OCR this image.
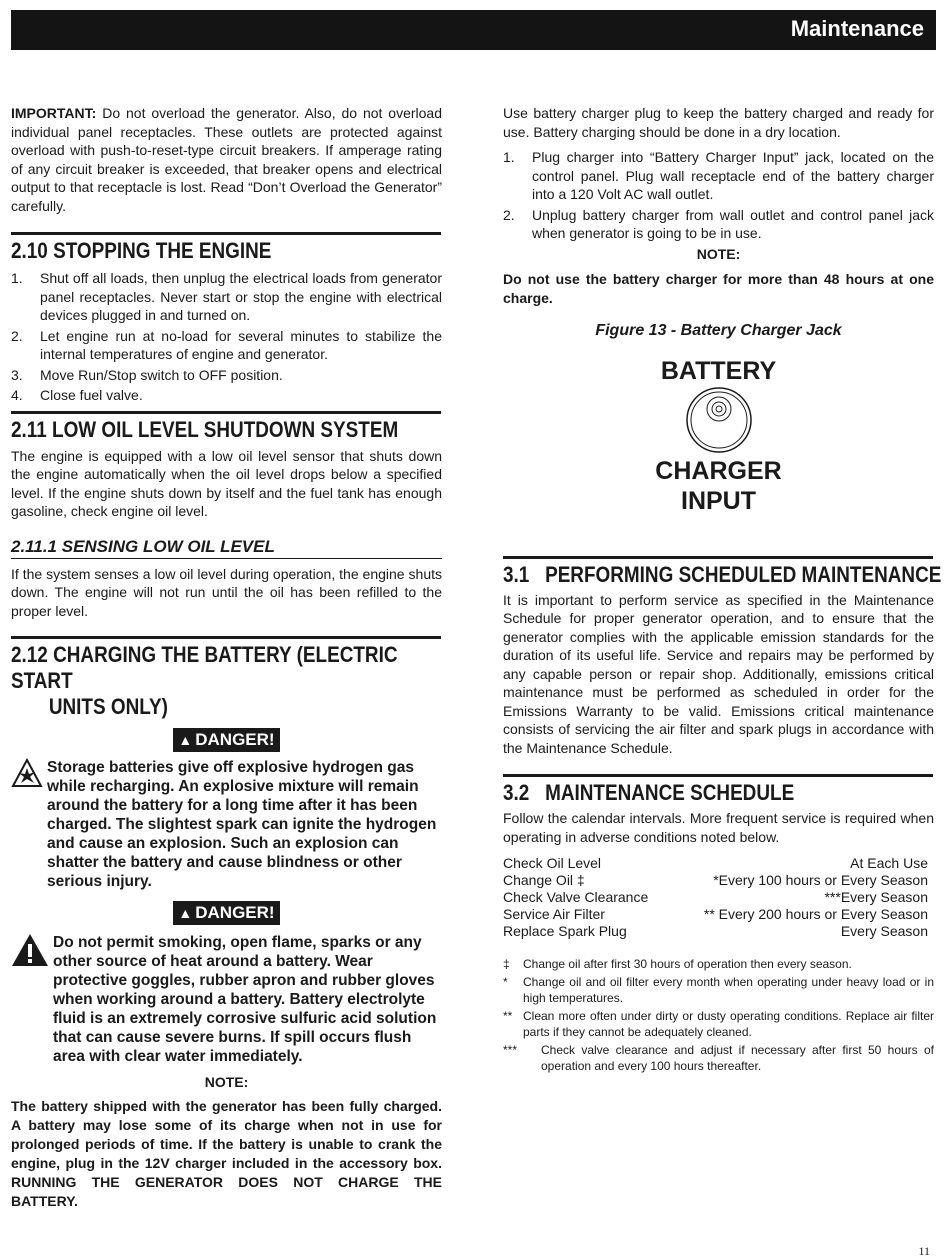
Maintenance

IMPORTANT: Do not overload the generator. Also, do not overload individual panel receptacles. These outlets are protected against overload with push-to-reset-type circuit breakers. If amperage rating of any circuit breaker is exceeded, that breaker opens and electrical output to that receptacle is lost. Read “Don’t Overload the Generator” carefully.

2.10 STOPPING THE ENGINE
1.	Shut off all loads, then unplug the electrical loads from generator panel receptacles. Never start or stop the engine with electrical devices plugged in and turned on.
2.	Let engine run at no-load for several minutes to stabilize the internal temperatures of engine and generator.
3.	Move Run/Stop switch to OFF position.
4.	Close fuel valve.
2.11 LOW OIL LEVEL SHUTDOWN SYSTEM

The engine is equipped with a low oil level sensor that shuts down the engine automatically when the oil level drops below a specified level. If the engine shuts down by itself and the fuel tank has enough gasoline, check engine oil level.

2.11.1 SENSING LOW OIL LEVEL

If the system senses a low oil level during operation, the engine shuts down. The engine will not run until the oil has been refilled to the proper level.

2.12 CHARGING THE BATTERY (ELECTRIC START
UNITS ONLY)
▲ DANGER!
Storage batteries give off explosive hydrogen gas while recharging. An explosive mixture will remain around the battery for a long time after it has been charged. The slightest spark can ignite the hydrogen and cause an explosion. Such an explosion can shatter the battery and cause blindness or other serious injury.
▲ DANGER!
Do not permit smoking, open flame, sparks or any other source of heat around a battery. Wear protective goggles, rubber apron and rubber gloves when working around a battery. Battery electrolyte fluid is an extremely corrosive sulfuric acid solution that can cause severe burns. If spill occurs flush area with clear water immediately.
NOTE:
The battery shipped with the generator has been fully charged. A battery may lose some of its charge when not in use for prolonged periods of time. If the battery is unable to crank the engine, plug in the 12V charger included in the accessory box. RUNNING THE GENERATOR DOES NOT CHARGE THE BATTERY.

Use battery charger plug to keep the battery charged and ready for use. Battery charging should be done in a dry location.

1.	Plug charger into “Battery Charger Input” jack, located on the control panel. Plug wall receptacle end of the battery charger into a 120 Volt AC wall outlet.
2.	Unplug battery charger from wall outlet and control panel jack when generator is going to be in use.
NOTE:
Do not use the battery charger for more than 48 hours at one charge.
Figure 13 - Battery Charger Jack
BATTERY
CHARGER
INPUT
3.1   PERFORMING SCHEDULED MAINTENANCE

It is important to perform service as specified in the Maintenance Schedule for proper generator operation, and to ensure that the generator complies with the applicable emission standards for the duration of its useful life. Service and repairs may be performed by any capable person or repair shop. Additionally, emissions critical maintenance must be performed as scheduled in order for the Emissions Warranty to be valid. Emissions critical maintenance consists of servicing the air filter and spark plugs in accordance with the Maintenance Schedule.

3.2   MAINTENANCE SCHEDULE

Follow the calendar intervals. More frequent service is required when operating in adverse conditions noted below.

Check Oil Level	At Each Use
Change Oil ‡	*Every 100 hours or Every Season
Check Valve Clearance	***Every Season
Service Air Filter	** Every 200 hours or Every Season
Replace Spark Plug	Every Season
‡	Change oil after first 30 hours of operation then every season.
*	Change oil and oil filter every month when operating under heavy load or in high temperatures.
** Clean more often under dirty or dusty operating conditions. Replace air filter parts if they cannot be adequately cleaned.
***	Check valve clearance and adjust if necessary after first 50 hours of operation and every 100 hours thereafter.
11
